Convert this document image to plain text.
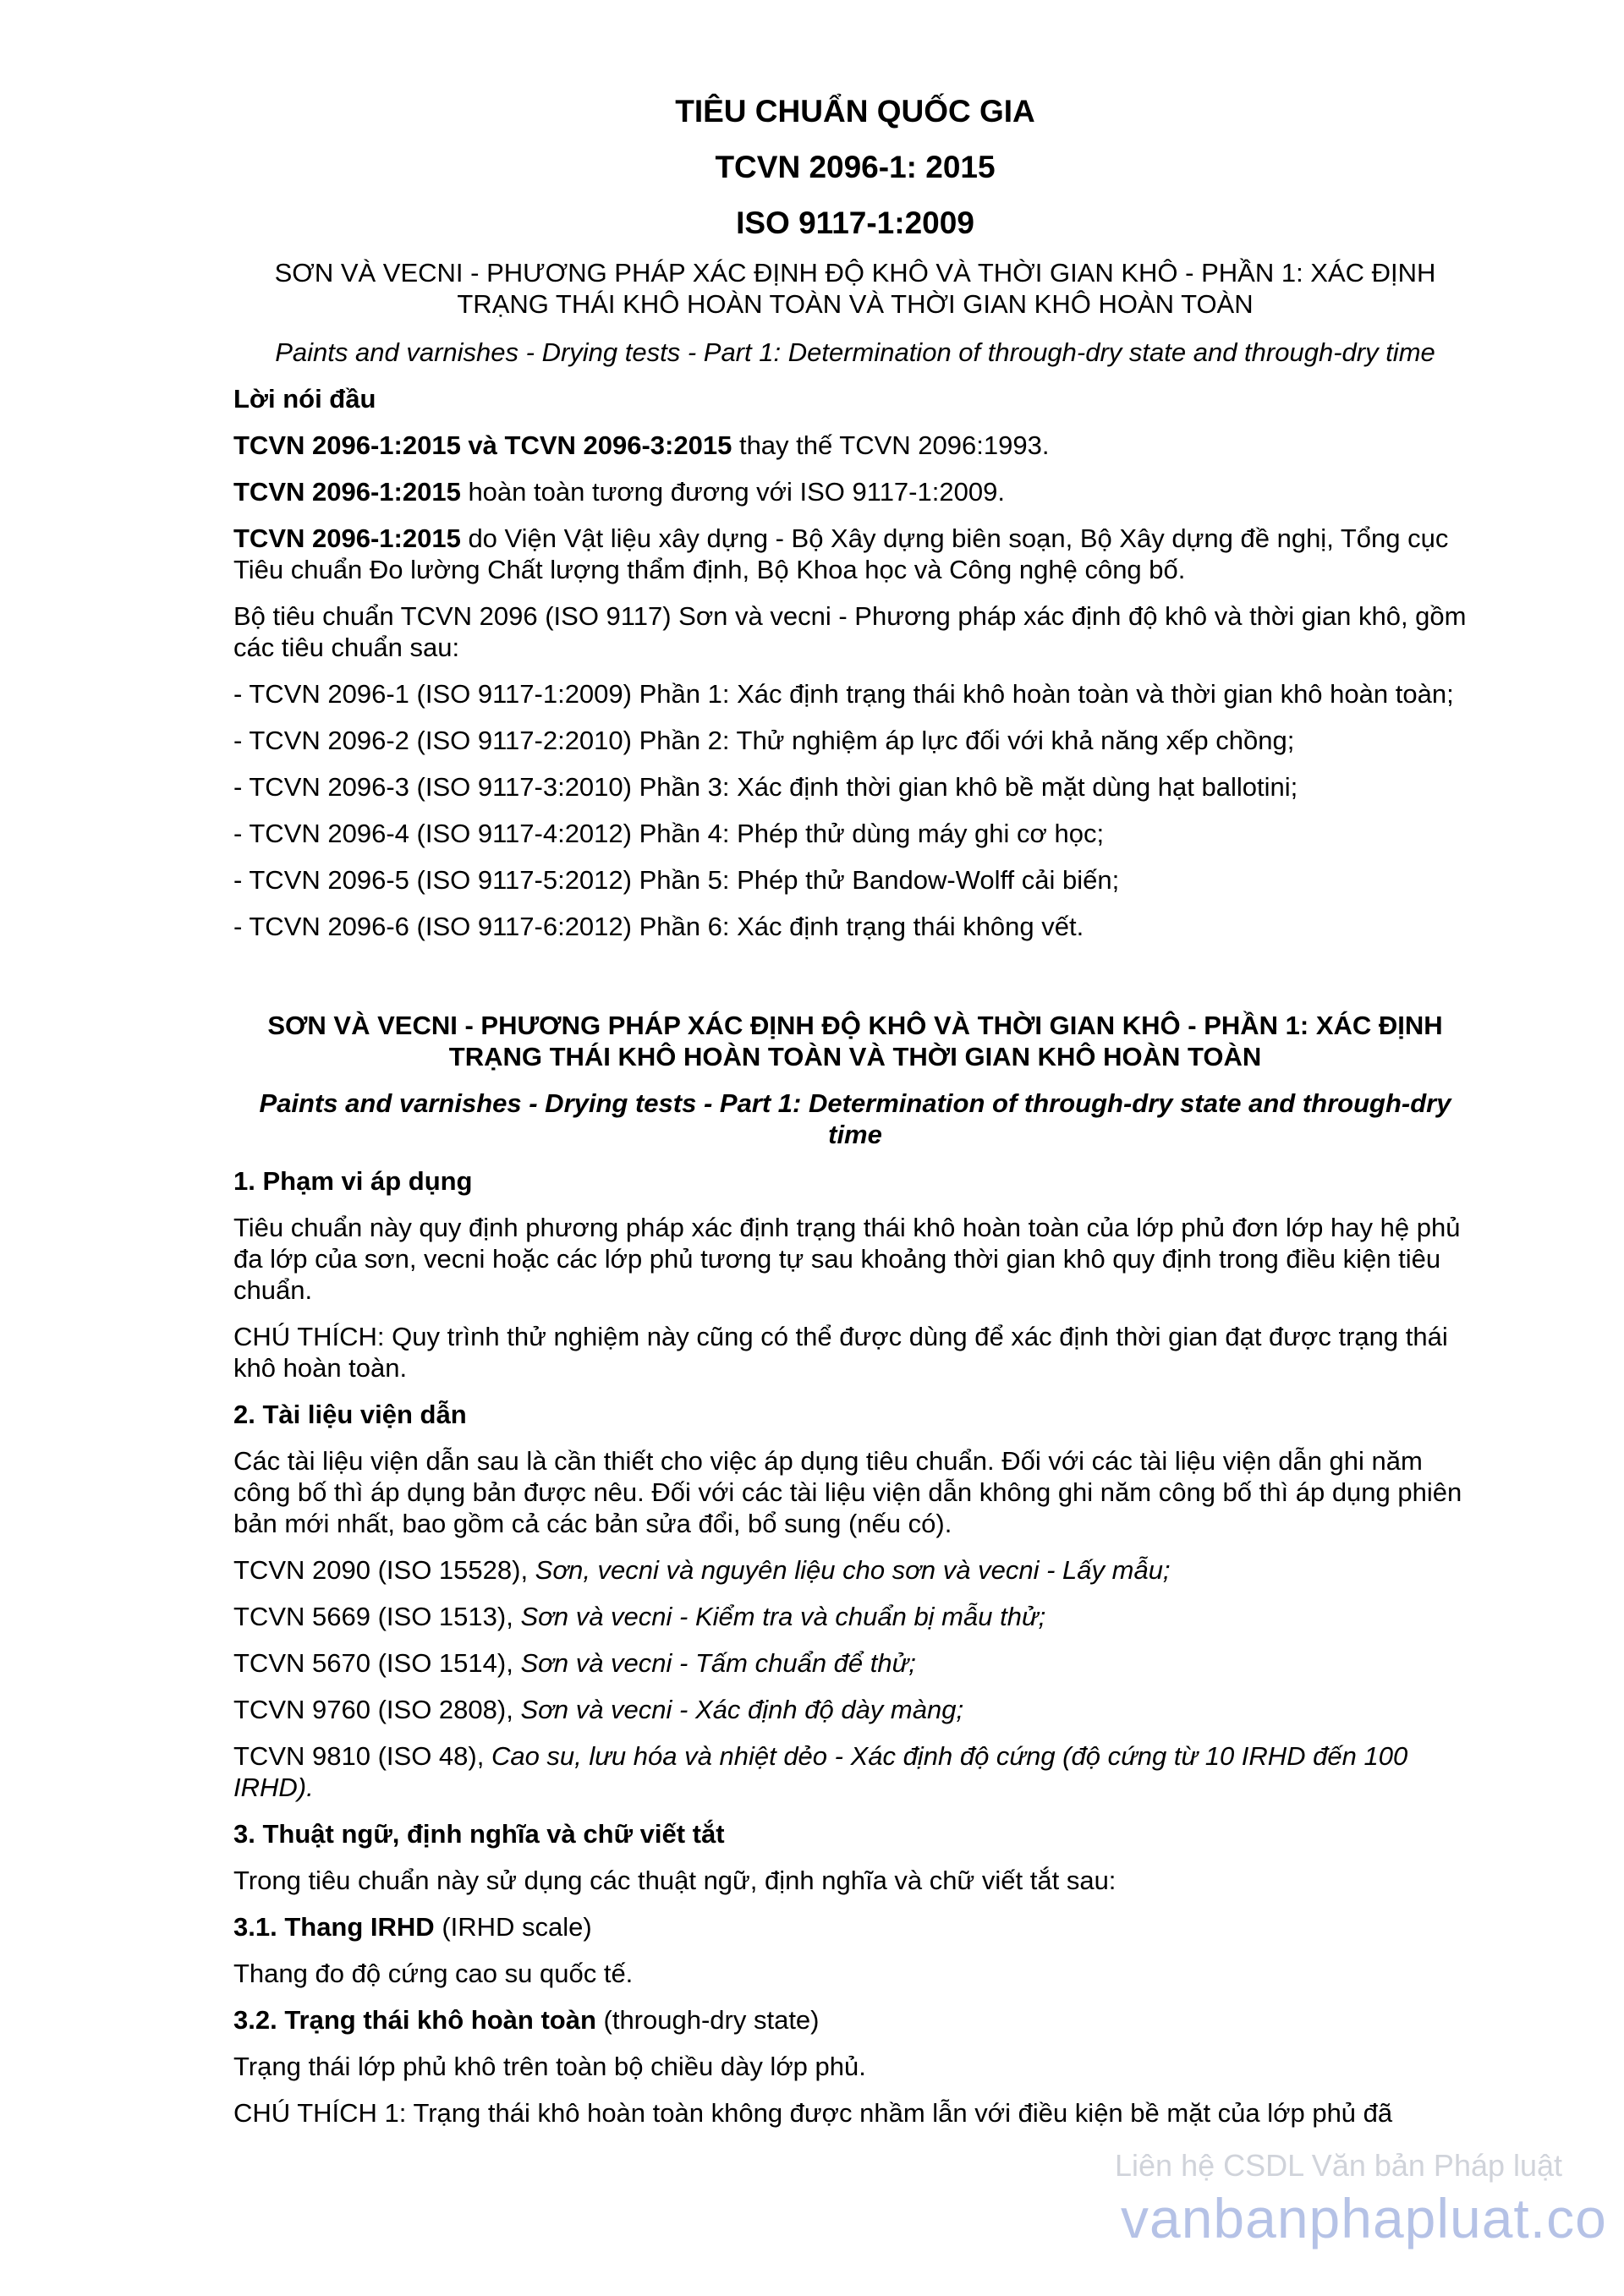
TIÊU CHUẨN QUỐC GIA
TCVN 2096-1: 2015
ISO 9117-1:2009
SƠN VÀ VECNI - PHƯƠNG PHÁP XÁC ĐỊNH ĐỘ KHÔ VÀ THỜI GIAN KHÔ - PHẦN 1: XÁC ĐỊNH TRẠNG THÁI KHÔ HOÀN TOÀN VÀ THỜI GIAN KHÔ HOÀN TOÀN
Paints and varnishes - Drying tests - Part 1: Determination of through-dry state and through-dry time

Lời nói đầu

TCVN 2096-1:2015 và TCVN 2096-3:2015 thay thế TCVN 2096:1993.

TCVN 2096-1:2015 hoàn toàn tương đương với ISO 9117-1:2009.

TCVN 2096-1:2015 do Viện Vật liệu xây dựng - Bộ Xây dựng biên soạn, Bộ Xây dựng đề nghị, Tổng cục Tiêu chuẩn Đo lường Chất lượng thẩm định, Bộ Khoa học và Công nghệ công bố.

Bộ tiêu chuẩn TCVN 2096 (ISO 9117) Sơn và vecni - Phương pháp xác định độ khô và thời gian khô, gồm các tiêu chuẩn sau:

- TCVN 2096-1 (ISO 9117-1:2009) Phần 1: Xác định trạng thái khô hoàn toàn và thời gian khô hoàn toàn;

- TCVN 2096-2 (ISO 9117-2:2010) Phần 2: Thử nghiệm áp lực đối với khả năng xếp chồng;

- TCVN 2096-3 (ISO 9117-3:2010) Phần 3: Xác định thời gian khô bề mặt dùng hạt ballotini;

- TCVN 2096-4 (ISO 9117-4:2012) Phần 4: Phép thử dùng máy ghi cơ học;

- TCVN 2096-5 (ISO 9117-5:2012) Phần 5: Phép thử Bandow-Wolff cải biến;

- TCVN 2096-6 (ISO 9117-6:2012) Phần 6: Xác định trạng thái không vết.

SƠN VÀ VECNI - PHƯƠNG PHÁP XÁC ĐỊNH ĐỘ KHÔ VÀ THỜI GIAN KHÔ - PHẦN 1: XÁC ĐỊNH TRẠNG THÁI KHÔ HOÀN TOÀN VÀ THỜI GIAN KHÔ HOÀN TOÀN
Paints and varnishes - Drying tests - Part 1: Determination of through-dry state and through-dry time

1. Phạm vi áp dụng

Tiêu chuẩn này quy định phương pháp xác định trạng thái khô hoàn toàn của lớp phủ đơn lớp hay hệ phủ đa lớp của sơn, vecni hoặc các lớp phủ tương tự sau khoảng thời gian khô quy định trong điều kiện tiêu chuẩn.

CHÚ THÍCH: Quy trình thử nghiệm này cũng có thể được dùng để xác định thời gian đạt được trạng thái khô hoàn toàn.

2. Tài liệu viện dẫn

Các tài liệu viện dẫn sau là cần thiết cho việc áp dụng tiêu chuẩn. Đối với các tài liệu viện dẫn ghi năm công bố thì áp dụng bản được nêu. Đối với các tài liệu viện dẫn không ghi năm công bố thì áp dụng phiên bản mới nhất, bao gồm cả các bản sửa đổi, bổ sung (nếu có).

TCVN 2090 (ISO 15528), Sơn, vecni và nguyên liệu cho sơn và vecni - Lấy mẫu;

TCVN 5669 (ISO 1513), Sơn và vecni - Kiểm tra và chuẩn bị mẫu thử;

TCVN 5670 (ISO 1514), Sơn và vecni - Tấm chuẩn để thử;

TCVN 9760 (ISO 2808), Sơn và vecni - Xác định độ dày màng;

TCVN 9810 (ISO 48), Cao su, lưu hóa và nhiệt dẻo - Xác định độ cứng (độ cứng từ 10 IRHD đến 100 IRHD).

3. Thuật ngữ, định nghĩa và chữ viết tắt

Trong tiêu chuẩn này sử dụng các thuật ngữ, định nghĩa và chữ viết tắt sau:

3.1. Thang IRHD (IRHD scale)

Thang đo độ cứng cao su quốc tế.

3.2. Trạng thái khô hoàn toàn (through-dry state)

Trạng thái lớp phủ khô trên toàn bộ chiều dày lớp phủ.

CHÚ THÍCH 1: Trạng thái khô hoàn toàn không được nhầm lẫn với điều kiện bề mặt của lớp phủ đã

Liên hệ CSDL Văn bản Pháp luật
vanbanphapluat.co
